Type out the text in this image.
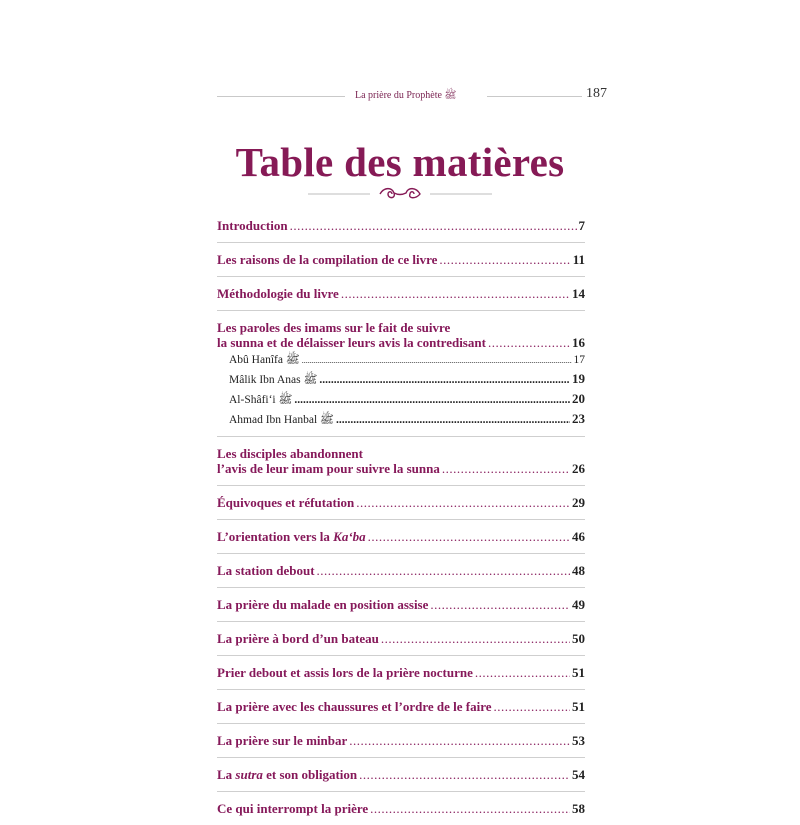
La prière du Prophète ﷺ	187
Table des matières
Introduction .....	7
Les raisons de la compilation de ce livre .....	11
Méthodologie du livre .....	14
Les paroles des imams sur le fait de suivre
la sunna et de délaisser leurs avis la contredisant .....	16
Abû Hanîfa ﷺ .....	17
Mâlik Ibn Anas ﷺ .....	19
Al-Shâfi‘i ﷺ .....	20
Ahmad Ibn Hanbal ﷺ .....	23
Les disciples abandonnent
l’avis de leur imam pour suivre la sunna .....	26
Équivoques et réfutation .....	29
L’orientation vers la Ka‘ba .....	46
La station debout .....	48
La prière du malade en position assise .....	49
La prière à bord d’un bateau .....	50
Prier debout et assis lors de la prière nocturne .....	51
La prière avec les chaussures et l’ordre de le faire .....	51
La prière sur le minbar .....	53
La sutra et son obligation .....	54
Ce qui interrompt la prière .....	58
